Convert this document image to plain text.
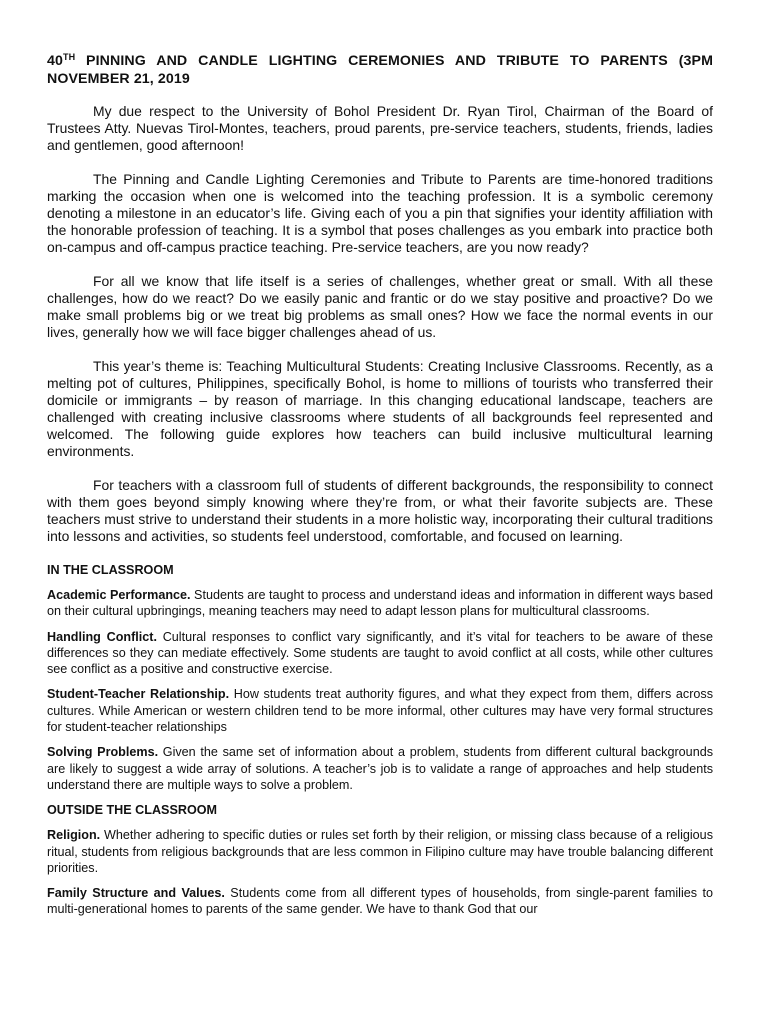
40TH PINNING AND CANDLE LIGHTING CEREMONIES AND TRIBUTE TO PARENTS (3PM NOVEMBER 21, 2019

My due respect to the University of Bohol President Dr. Ryan Tirol, Chairman of the Board of Trustees Atty. Nuevas Tirol-Montes, teachers, proud parents, pre-service teachers, students, friends, ladies and gentlemen, good afternoon!

The Pinning and Candle Lighting Ceremonies and Tribute to Parents are time-honored traditions marking the occasion when one is welcomed into the teaching profession. It is a symbolic ceremony denoting a milestone in an educator’s life. Giving each of you a pin that signifies your identity affiliation with the honorable profession of teaching. It is a symbol that poses challenges as you embark into practice both on-campus and off-campus practice teaching. Pre-service teachers, are you now ready?

For all we know that life itself is a series of challenges, whether great or small. With all these challenges, how do we react? Do we easily panic and frantic or do we stay positive and proactive? Do we make small problems big or we treat big problems as small ones? How we face the normal events in our lives, generally how we will face bigger challenges ahead of us.

This year’s theme is: Teaching Multicultural Students: Creating Inclusive Classrooms. Recently, as a melting pot of cultures, Philippines, specifically Bohol, is home to millions of tourists who transferred their domicile or immigrants – by reason of marriage. In this changing educational landscape, teachers are challenged with creating inclusive classrooms where students of all backgrounds feel represented and welcomed. The following guide explores how teachers can build inclusive multicultural learning environments.

For teachers with a classroom full of students of different backgrounds, the responsibility to connect with them goes beyond simply knowing where they’re from, or what their favorite subjects are. These teachers must strive to understand their students in a more holistic way, incorporating their cultural traditions into lessons and activities, so students feel understood, comfortable, and focused on learning.

IN THE CLASSROOM

Academic Performance. Students are taught to process and understand ideas and information in different ways based on their cultural upbringings, meaning teachers may need to adapt lesson plans for multicultural classrooms.

Handling Conflict. Cultural responses to conflict vary significantly, and it’s vital for teachers to be aware of these differences so they can mediate effectively. Some students are taught to avoid conflict at all costs, while other cultures see conflict as a positive and constructive exercise.

Student-Teacher Relationship. How students treat authority figures, and what they expect from them, differs across cultures. While American or western children tend to be more informal, other cultures may have very formal structures for student-teacher relationships

Solving Problems. Given the same set of information about a problem, students from different cultural backgrounds are likely to suggest a wide array of solutions. A teacher’s job is to validate a range of approaches and help students understand there are multiple ways to solve a problem.

OUTSIDE THE CLASSROOM

Religion. Whether adhering to specific duties or rules set forth by their religion, or missing class because of a religious ritual, students from religious backgrounds that are less common in Filipino culture may have trouble balancing different priorities.

Family Structure and Values. Students come from all different types of households, from single-parent families to multi-generational homes to parents of the same gender. We have to thank God that our
